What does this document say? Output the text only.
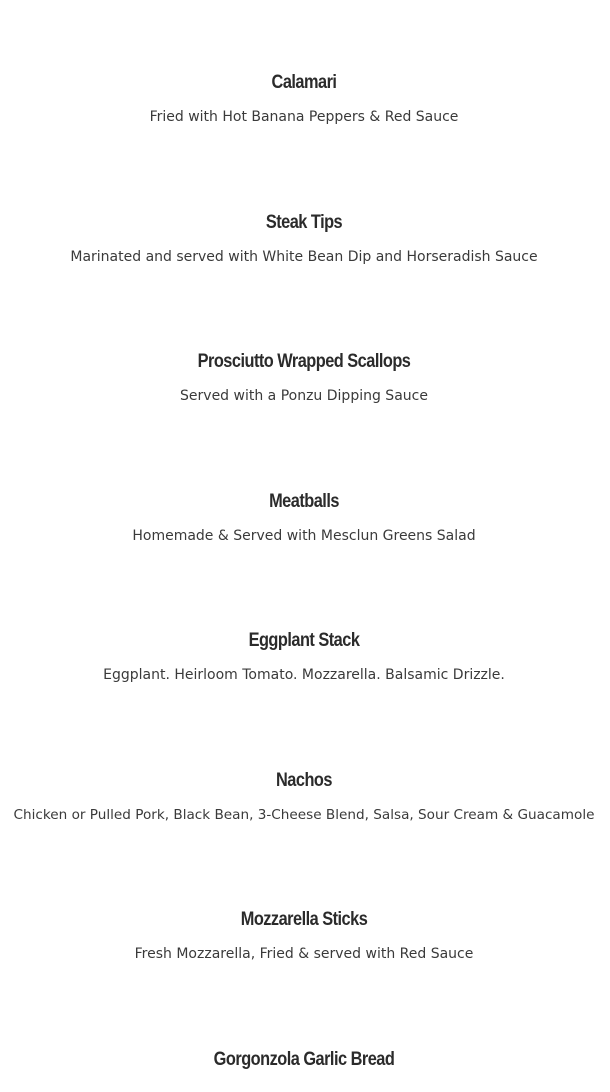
Calamari
Fried with Hot Banana Peppers & Red Sauce
Steak Tips
Marinated and served with White Bean Dip and Horseradish Sauce
Prosciutto Wrapped Scallops
Served with a Ponzu Dipping Sauce
Meatballs
Homemade & Served with Mesclun Greens Salad
Eggplant Stack
Eggplant. Heirloom Tomato. Mozzarella. Balsamic Drizzle.
Nachos
Chicken or Pulled Pork, Black Bean, 3-Cheese Blend, Salsa, Sour Cream & Guacamole
Mozzarella Sticks
Fresh Mozzarella, Fried & served with Red Sauce
Gorgonzola Garlic Bread
